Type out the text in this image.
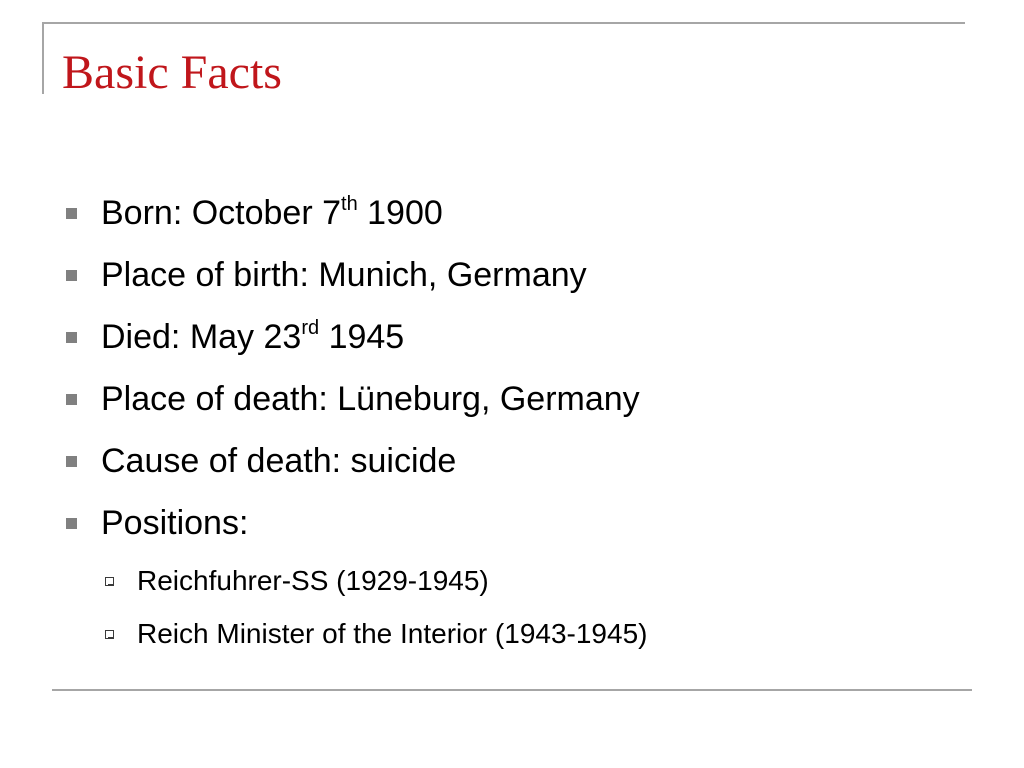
Basic Facts
Born: October 7th 1900
Place of birth: Munich, Germany
Died: May 23rd 1945
Place of death: Lüneburg, Germany
Cause of death: suicide
Positions:
Reichfuhrer-SS (1929-1945)
Reich Minister of the Interior (1943-1945)
